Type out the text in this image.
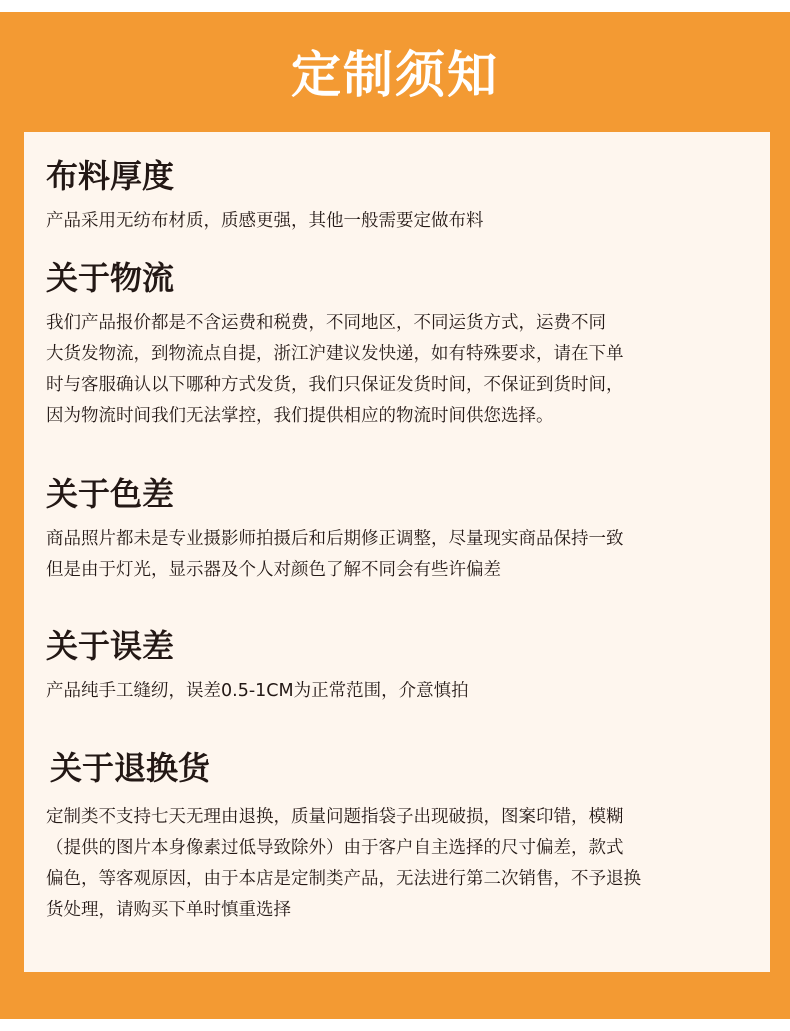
定制须知
布料厚度

产品采用无纺布材质，质感更强，其他一般需要定做布料

关于物流

我们产品报价都是不含运费和税费，不同地区，不同运货方式，运费不同
大货发物流，到物流点自提，浙江沪建议发快递，如有特殊要求，请在下单
时与客服确认以下哪种方式发货，我们只保证发货时间，不保证到货时间，
因为物流时间我们无法掌控，我们提供相应的物流时间供您选择。

关于色差

商品照片都未是专业摄影师拍摄后和后期修正调整，尽量现实商品保持一致
但是由于灯光，显示器及个人对颜色了解不同会有些许偏差

关于误差

产品纯手工缝纫，误差0.5-1CM为正常范围，介意慎拍

关于退换货

定制类不支持七天无理由退换，质量问题指袋子出现破损，图案印错，模糊
（提供的图片本身像素过低导致除外）由于客户自主选择的尺寸偏差，款式
偏色，等客观原因，由于本店是定制类产品，无法进行第二次销售，不予退换
货处理，请购买下单时慎重选择
